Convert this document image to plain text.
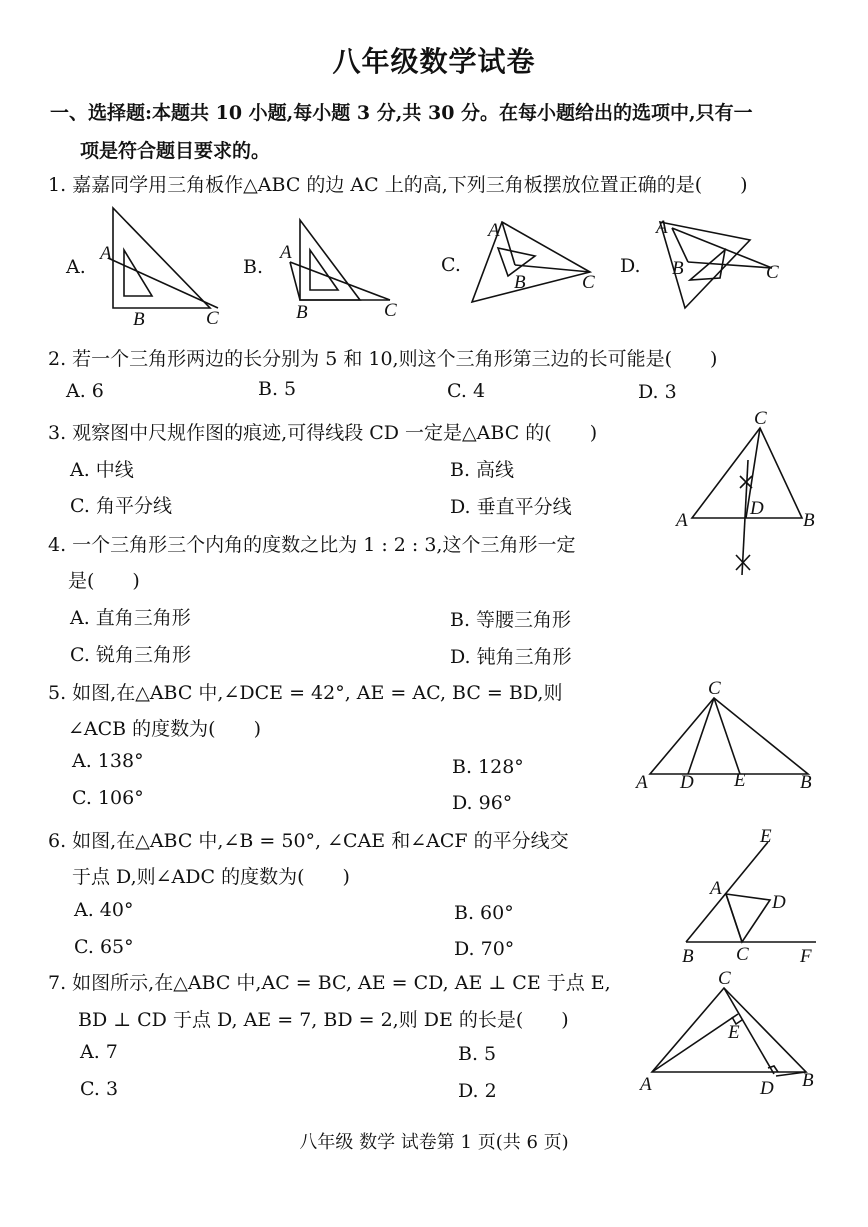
八年级数学试卷
一、选择题:本题共 10 小题,每小题 3 分,共 30 分。在每小题给出的选项中,只有一
项是符合题目要求的。
1. 嘉嘉同学用三角板作△ABC 的边 AC 上的高,下列三角板摆放位置正确的是(　　)
A.	B.	C.	D.
A
B	C
A
B	C
A
B	C
A
B	C
2. 若一个三角形两边的长分别为 5 和 10,则这个三角形第三边的长可能是(　　)
A. 6	B. 5	C. 4	D. 3
3. 观察图中尺规作图的痕迹,可得线段 CD 一定是△ABC 的(　　)
A. 中线	B. 高线
C. 角平分线	D. 垂直平分线
C
D
A	B
4. 一个三角形三个内角的度数之比为 1 : 2 : 3,这个三角形一定
是(　　)
A. 直角三角形	B. 等腰三角形
C. 锐角三角形	D. 钝角三角形
5. 如图,在△ABC 中,∠DCE = 42°, AE = AC, BC = BD,则
∠ACB 的度数为(　　)
A. 138°	B. 128°
C. 106°	D. 96°
C
A D E	B
6. 如图,在△ABC 中,∠B = 50°, ∠CAE 和∠ACF 的平分线交
于点 D,则∠ADC 的度数为(　　)
A. 40°	B. 60°
C. 65°	D. 70°
E
A
D
B C	F
7. 如图所示,在△ABC 中,AC = BC, AE = CD, AE ⊥ CE 于点 E,
BD ⊥ CD 于点 D, AE = 7, BD = 2,则 DE 的长是(　　)
A. 7	B. 5
C. 3	D. 2
C
E
A	D B
八年级 数学 试卷第 1 页(共 6 页)
